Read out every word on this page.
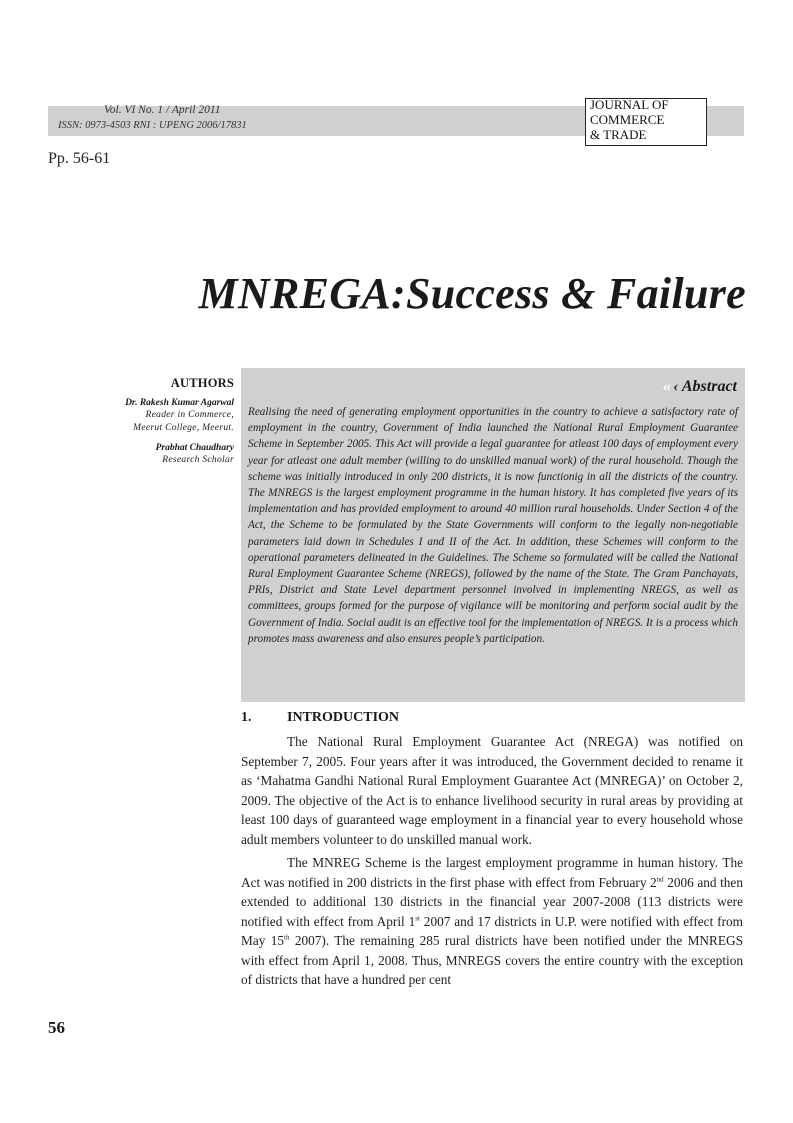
Vol. VI No. 1 / April 2011
ISSN: 0973-4503 RNI : UPENG 2006/17831
JOURNAL OF
COMMERCE
& TRADE
Pp. 56-61
MNREGA:Success & Failure
AUTHORS
Dr. Rakesh Kumar Agarwal
Reader in Commerce,
Meerut College, Meerut.
Prabhat Chaudhary
Research Scholar
‹‹ ‹ Abstract
Realising the need of generating employment opportunities in the country to achieve a satisfactory rate of employment in the country, Government of India launched the National Rural Employment Guarantee Scheme in September 2005. This Act will provide a legal guarantee for atleast 100 days of employment every year for atleast one adult member (willing to do unskilled manual work) of the rural household. Though the scheme was initially introduced in only 200 districts, it is now functionig in all the districts of the country. The MNREGS is the largest employment programme in the human history. It has completed five years of its implementation and has provided employment to around 40 million rural households. Under Section 4 of the Act, the Scheme to be formulated by the State Governments will conform to the legally non-negotiable parameters laid down in Schedules I and II of the Act. In addition, these Schemes will conform to the operational parameters delineated in the Guidelines. The Scheme so formulated will be called the National Rural Employment Guarantee Scheme (NREGS), followed by the name of the State. The Gram Panchayats, PRIs, District and State Level department personnel involved in implementing NREGS, as well as committees, groups formed for the purpose of vigilance will be monitoring and perform social audit by the Government of India. Social audit is an effective tool for the implementation of NREGS. It is a process which promotes mass awareness and also ensures people’s participation.
1.	INTRODUCTION

The National Rural Employment Guarantee Act (NREGA) was notified on September 7, 2005. Four years after it was introduced, the Government decided to rename it as ‘Mahatma Gandhi National Rural Employment Guarantee Act (MNREGA)’ on October 2, 2009. The objective of the Act is to enhance livelihood security in rural areas by providing at least 100 days of guaranteed wage employment in a financial year to every household whose adult members volunteer to do unskilled manual work.

The MNREG Scheme is the largest employment programme in human history. The Act was notified in 200 districts in the first phase with effect from February 2nd 2006 and then extended to additional 130 districts in the financial year 2007-2008 (113 districts were notified with effect from April 1st 2007 and 17 districts in U.P. were notified with effect from May 15th 2007). The remaining 285 rural districts have been notified under the MNREGS with effect from April 1, 2008. Thus, MNREGS covers the entire country with the exception of districts that have a hundred per cent

56
